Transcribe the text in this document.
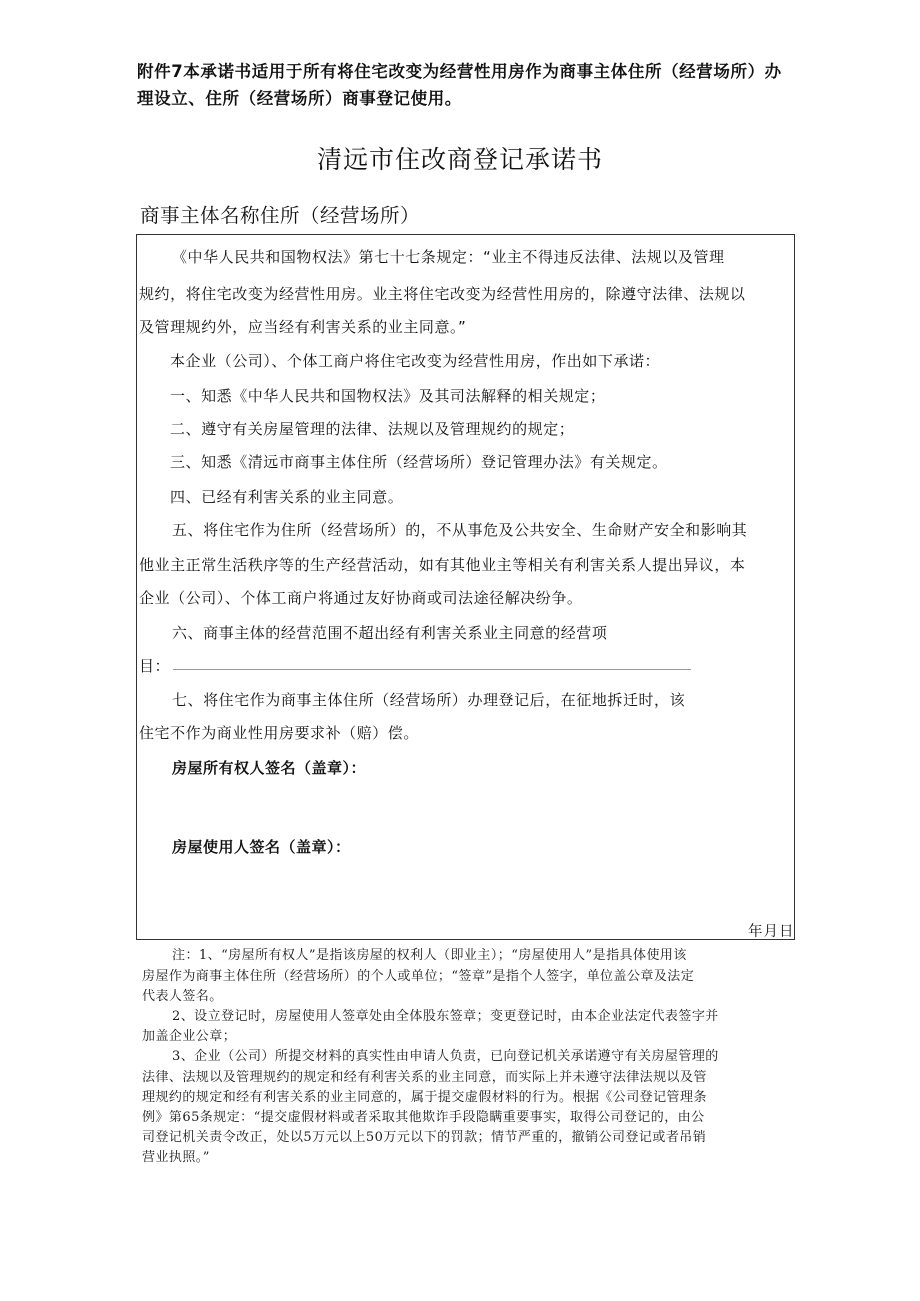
附件7本承诺书适用于所有将住宅改变为经营性用房作为商事主体住所（经营场所）办
理设立、住所（经营场所）商事登记使用。
清远市住改商登记承诺书
商事主体名称住所（经营场所）
《中华人民共和国物权法》第七十七条规定：“业主不得违反法律、法规以及管理
规约，将住宅改变为经营性用房。业主将住宅改变为经营性用房的，除遵守法律、法规以
及管理规约外，应当经有利害关系的业主同意。”
本企业（公司）、个体工商户将住宅改变为经营性用房，作出如下承诺：
一、知悉《中华人民共和国物权法》及其司法解释的相关规定；
二、遵守有关房屋管理的法律、法规以及管理规约的规定；
三、知悉《清远市商事主体住所（经营场所）登记管理办法》有关规定。
四、已经有利害关系的业主同意。
五、将住宅作为住所（经营场所）的，不从事危及公共安全、生命财产安全和影响其
他业主正常生活秩序等的生产经营活动，如有其他业主等相关有利害关系人提出异议，本
企业（公司）、个体工商户将通过友好协商或司法途径解决纷争。
六、商事主体的经营范围不超出经有利害关系业主同意的经营项
目：
七、将住宅作为商事主体住所（经营场所）办理登记后，在征地拆迁时，该
住宅不作为商业性用房要求补（赔）偿。
房屋所有权人签名（盖章）：
房屋使用人签名（盖章）：
年月日
注：1、“房屋所有权人”是指该房屋的权利人（即业主）；“房屋使用人”是指具体使用该
房屋作为商事主体住所（经营场所）的个人或单位；“签章”是指个人签字，单位盖公章及法定
代表人签名。
2、设立登记时，房屋使用人签章处由全体股东签章；变更登记时，由本企业法定代表签字并
加盖企业公章；
3、企业（公司）所提交材料的真实性由申请人负责，已向登记机关承诺遵守有关房屋管理的
法律、法规以及管理规约的规定和经有利害关系的业主同意，而实际上并未遵守法律法规以及管
理规约的规定和经有利害关系的业主同意的，属于提交虚假材料的行为。根据《公司登记管理条
例》第65条规定：“提交虚假材料或者采取其他欺诈手段隐瞒重要事实，取得公司登记的，由公
司登记机关责令改正，处以5万元以上50万元以下的罚款；情节严重的，撤销公司登记或者吊销
营业执照。”
